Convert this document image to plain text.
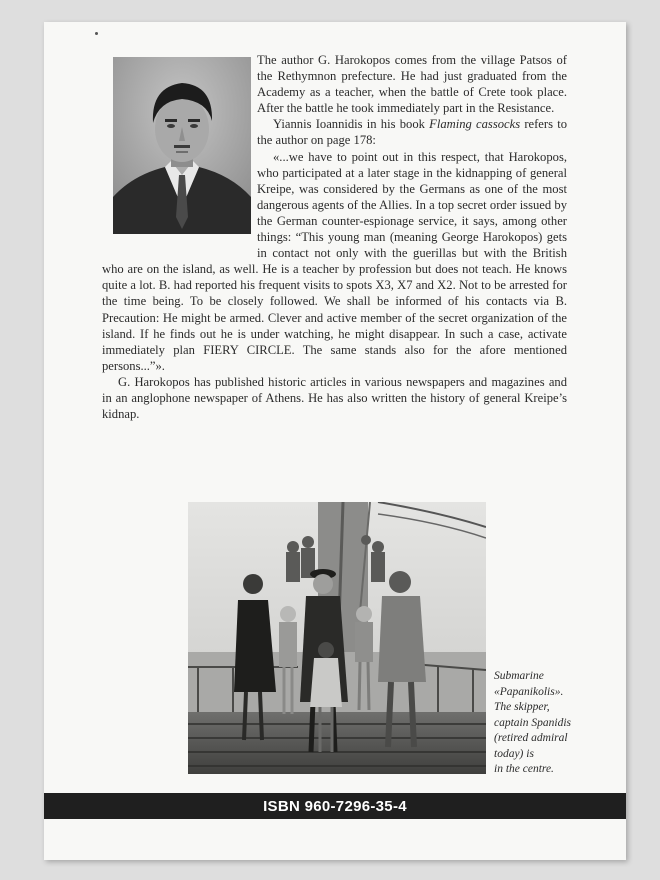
The author G. Harokopos comes from the village Patsos of the Rethymnon prefecture. He had just graduated from the Academy as a teacher, when the battle of Crete took place. After the battle he took immediately part in the Resistance.

Yiannis Ioannidis in his book Flaming cassocks refers to the author on page 178:

«...we have to point out in this respect, that Harokopos, who participated at a later stage in the kidnapping of general Kreipe, was considered by the Germans as one of the most dangerous agents of the Allies. In a top secret order issued by the German counter-espionage service, it says, among other things: “This young man (meaning George Harokopos) gets in contact not only with the guerillas but with the British who are on the island, as well. He is a teacher by profession but does not teach. He knows quite a lot. B. had reported his frequent visits to spots X3, X7 and X2. Not to be arrested for the time being. To be closely followed. We shall be informed of his contacts via B. Precaution: He might be armed. Clever and active member of the secret organization of the island. If he finds out he is under watching, he might disappear. In such a case, activate immediately plan FIERY CIRCLE. The same stands also for the afore mentioned persons...”».

G. Harokopos has published historic articles in various newspapers and magazines and in an anglophone newspaper of Athens. He has also written the history of general Kreipe’s kidnap.

Submarine
«Papanikolis».
The skipper,
captain Spanidis
(retired admiral
today) is
in the centre.
ISBN 960-7296-35-4
